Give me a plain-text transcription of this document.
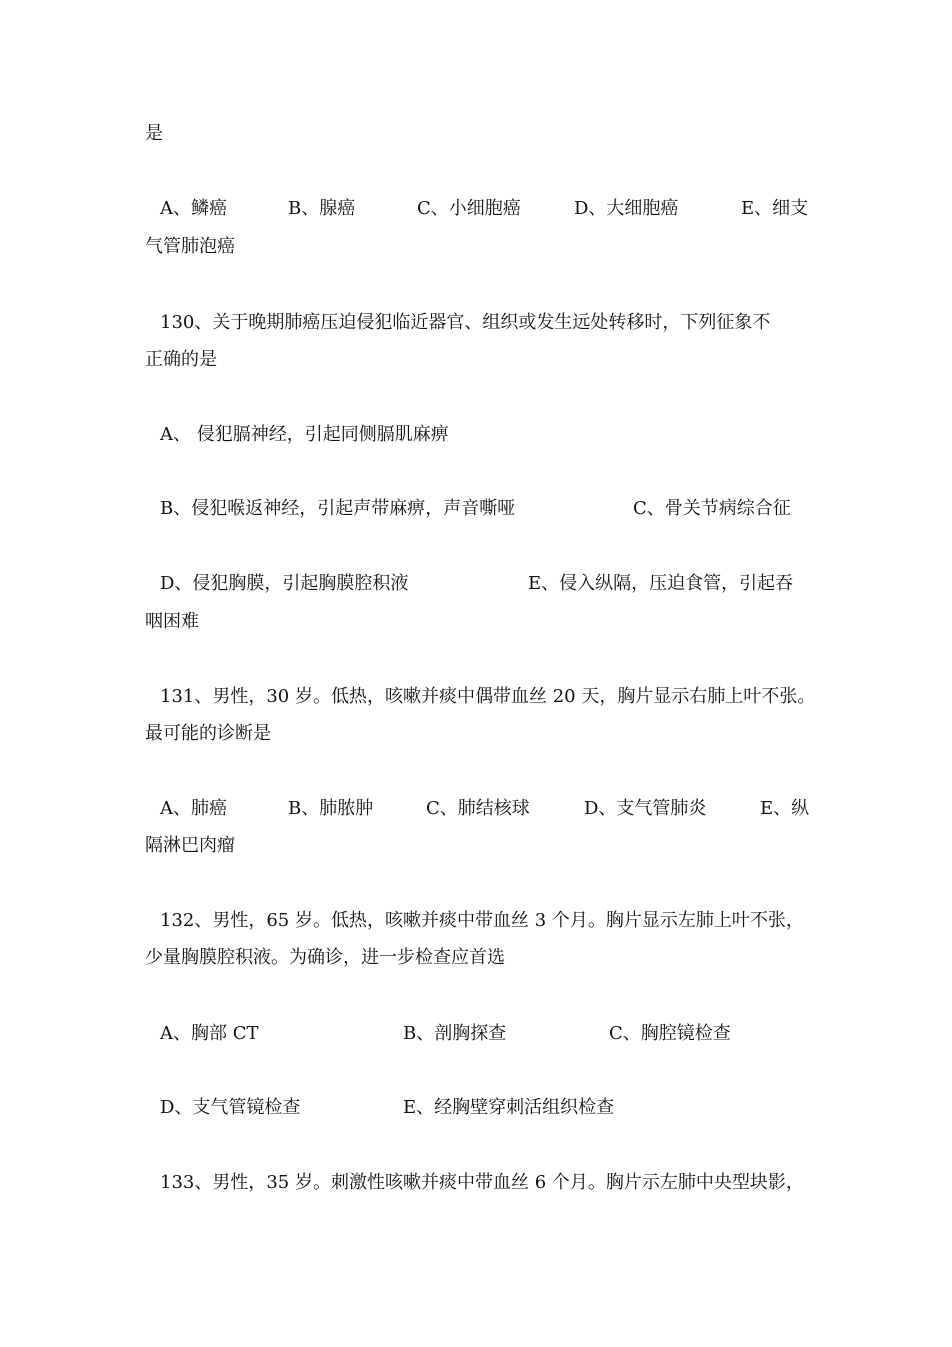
是
A、鳞癌	B、腺癌	C、小细胞癌	D、大细胞癌	E、细支
气管肺泡癌
130、关于晚期肺癌压迫侵犯临近器官、组织或发生远处转移时，下列征象不
正确的是
A、 侵犯膈神经，引起同侧膈肌麻痹
B、侵犯喉返神经，引起声带麻痹，声音嘶哑	C、骨关节病综合征
D、侵犯胸膜，引起胸膜腔积液	E、侵入纵隔，压迫食管，引起吞
咽困难
131、男性，30 岁。低热，咳嗽并痰中偶带血丝 20 天，胸片显示右肺上叶不张。
最可能的诊断是
A、肺癌	B、肺脓肿	C、肺结核球	D、支气管肺炎	E、纵
隔淋巴肉瘤
132、男性，65 岁。低热，咳嗽并痰中带血丝 3 个月。胸片显示左肺上叶不张，
少量胸膜腔积液。为确诊，进一步检查应首选
A、胸部 CT	B、剖胸探查	C、胸腔镜检查
D、支气管镜检查	E、经胸壁穿刺活组织检查
133、男性，35 岁。刺激性咳嗽并痰中带血丝 6 个月。胸片示左肺中央型块影，
